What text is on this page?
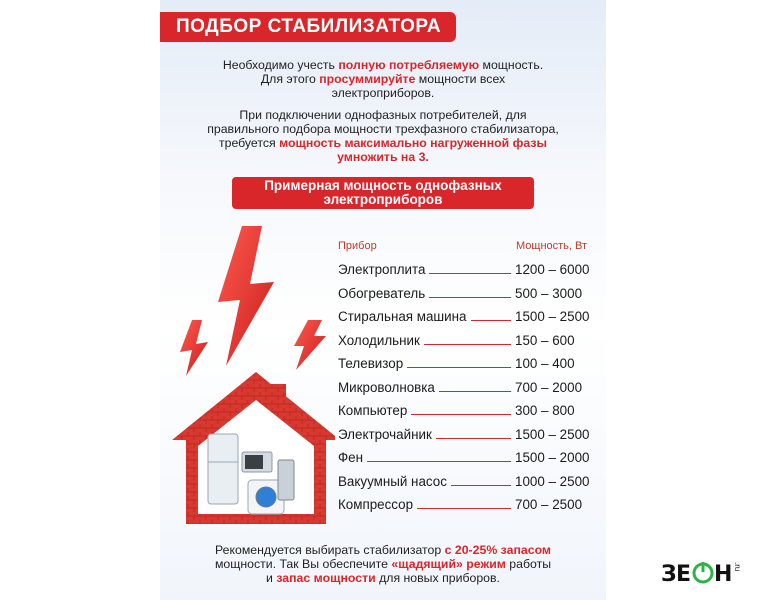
ПОДБОР СТАБИЛИЗАТОРА
Необходимо учесть полную потребляемую мощность.
Для этого просуммируйте мощности всех
электроприборов.
При подключении однофазных потребителей, для
правильного подбора мощности трехфазного стабилизатора,
требуется мощность максимально нагруженной фазы
умножить на 3.
Примерная мощность однофазных
электроприборов
Прибор	Мощность, Вт
Электроплита	1200 – 6000
Обогреватель	500 – 3000
Стиральная машина	1500 – 2500
Холодильник	150 – 600
Телевизор	100 – 400
Микроволновка	700 – 2000
Компьютер	300 – 800
Электрочайник	1500 – 2500
Фен	1500 – 2000
Вакуумный насос	1000 – 2500
Компрессор	700 – 2500
Рекомендуется выбирать стабилизатор с 20-25% запасом
мощности. Так Вы обеспечите «щадящий» режим работы
и запас мощности для новых приборов.	З Е Н .ru
